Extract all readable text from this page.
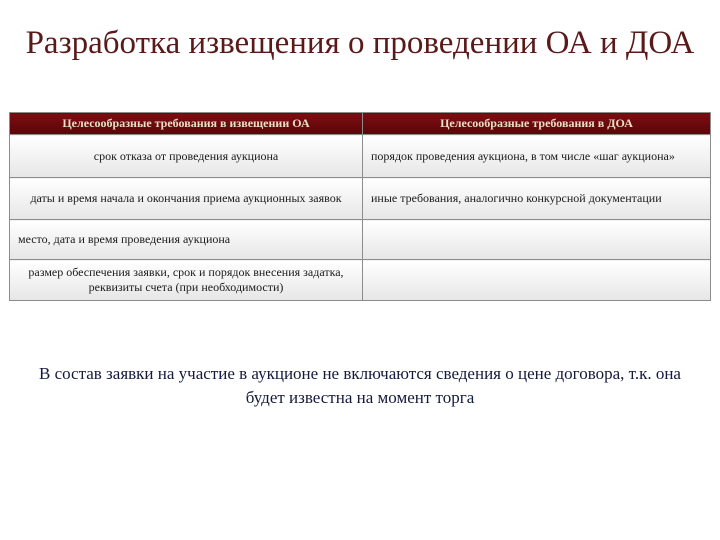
Разработка извещения о проведении ОА и ДОА
Целесообразные требования в извещении ОА	Целесообразные требования в ДОА
срок отказа от проведения аукциона	порядок проведения аукциона, в том числе «шаг аукциона»
даты и время начала и окончания приема аукционных заявок	иные требования, аналогично конкурсной документации
место, дата и время проведения аукциона	
размер обеспечения заявки, срок и порядок внесения задатка, реквизиты счета (при необходимости)	

В состав заявки на участие в аукционе не включаются сведения о цене договора, т.к. она будет известна на момент торга
